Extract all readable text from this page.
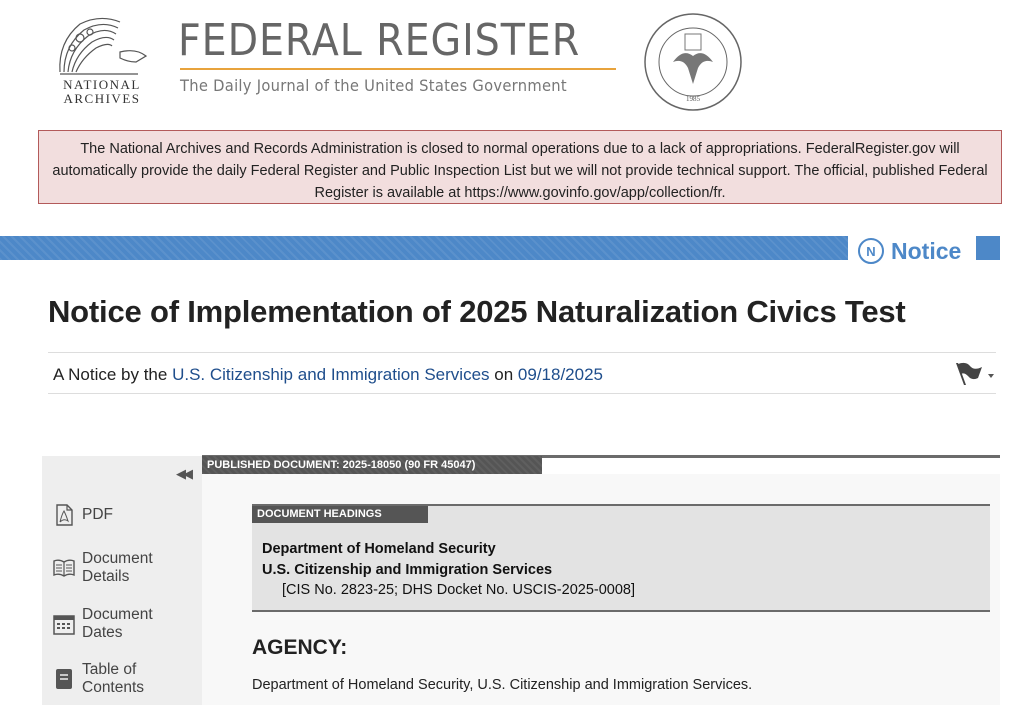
NATIONAL
ARCHIVES
FEDERAL REGISTER
The Daily Journal of the United States Government
1985
The National Archives and Records Administration is closed to normal operations due to a lack of appropriations. FederalRegister.gov will automatically provide the daily Federal Register and Public Inspection List but we will not provide technical support. The official, published Federal Register is available at https://www.govinfo.gov/app/collection/fr.
N Notice
Notice of Implementation of 2025 Naturalization Civics Test
A Notice by the U.S. Citizenship and Immigration Services on 09/18/2025
◀◀
PDF
Document Details
Document Dates
Table of Contents
PUBLISHED DOCUMENT: 2025-18050 (90 FR 45047)
DOCUMENT HEADINGS
Department of Homeland Security
U.S. Citizenship and Immigration Services
[CIS No. 2823-25; DHS Docket No. USCIS-2025-0008]
AGENCY:
Department of Homeland Security, U.S. Citizenship and Immigration Services.
